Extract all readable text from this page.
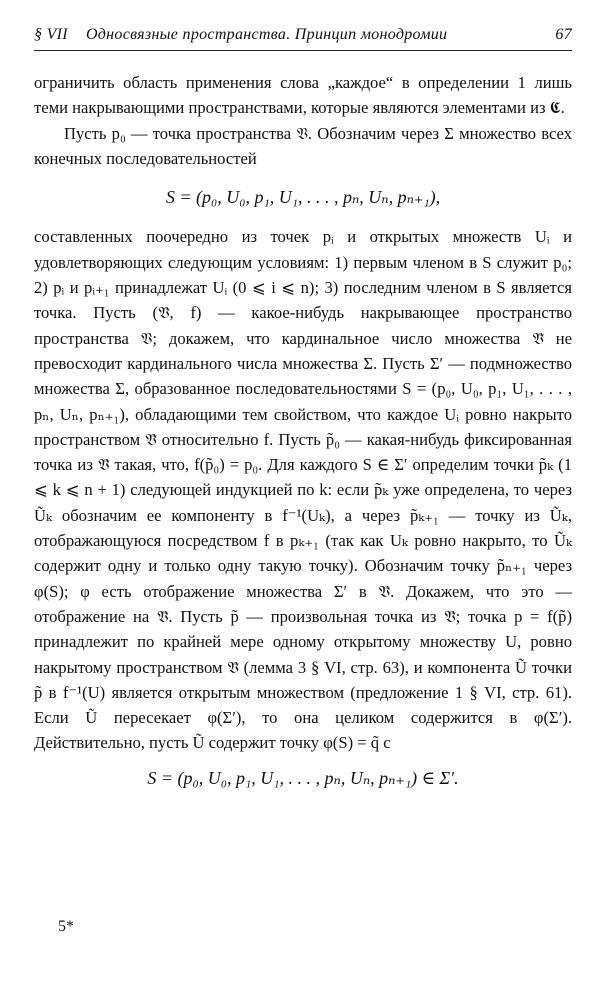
§ VII Односвязные пространства. Принцип монодромии	67

ограничить область применения слова „каждое“ в определении 1 лишь теми накрывающими пространствами, которые являются элементами из 𝕮.

Пусть p₀ — точка пространства 𝔙. Обозначим через Σ множество всех конечных последовательностей

S = (p₀, U₀, p₁, U₁, . . . , pₙ, Uₙ, pₙ₊₁),

составленных поочередно из точек pᵢ и открытых множеств Uᵢ и удовлетворяющих следующим условиям: 1) первым членом в S служит p₀; 2) pᵢ и pᵢ₊₁ принадлежат Uᵢ (0 ⩽ i ⩽ n); 3) последним членом в S является точка. Пусть (𝔙̃, f) — какое-нибудь накрывающее пространство пространства 𝔙; докажем, что кардинальное число множества 𝔙̃ не превосходит кардинального числа множества Σ. Пусть Σ′ — подмножество множества Σ, образованное последовательностями S = (p₀, U₀, p₁, U₁, . . . , pₙ, Uₙ, pₙ₊₁), обладающими тем свойством, что каждое Uᵢ ровно накрыто пространством 𝔙̃ относительно f. Пусть p̃₀ — какая-нибудь фиксированная точка из 𝔙̃ такая, что, f(p̃₀) = p₀. Для каждого S ∈ Σ′ определим точки p̃ₖ (1 ⩽ k ⩽ n + 1) следующей индукцией по k: если p̃ₖ уже определена, то через Ũₖ обозначим ее компоненту в f⁻¹(Uₖ), а через p̃ₖ₊₁ — точку из Ũₖ, отображающуюся посредством f в pₖ₊₁ (так как Uₖ ровно накрыто, то Ũₖ содержит одну и только одну такую точку). Обозначим точку p̃ₙ₊₁ через φ(S); φ есть отображение множества Σ′ в 𝔙̃. Докажем, что это — отображение на 𝔙̃. Пусть p̃ — произвольная точка из 𝔙̃; точка p = f(p̃) принадлежит по крайней мере одному открытому множеству U, ровно накрытому пространством 𝔙̃ (лемма 3 § VI, стр. 63), и компонента Ũ точки p̃ в f⁻¹(U) является открытым множеством (предложение 1 § VI, стр. 61). Если Ũ пересекает φ(Σ′), то она целиком содержится в φ(Σ′). Действительно, пусть Ũ содержит точку φ(S) = q̃ с

S = (p₀, U₀, p₁, U₁, . . . , pₙ, Uₙ, pₙ₊₁) ∈ Σ′.
5*
